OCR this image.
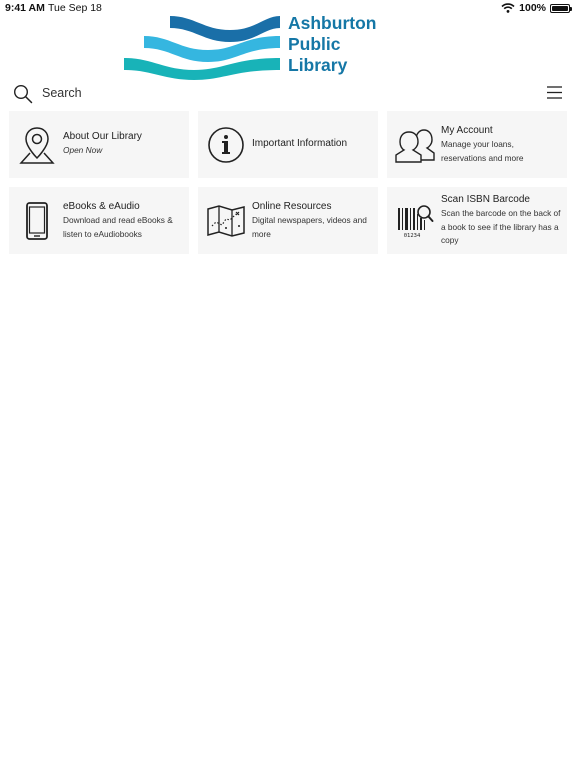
9:41 AM Tue Sep 18	100%
Ashburton
Public
Library
Search
About Our Library
Open Now
Important Information
My Account
Manage your loans, reservations and more
eBooks & eAudio
Download and read eBooks & listen to eAudiobooks
Online Resources
Digital newspapers, videos and more	01234
Scan ISBN Barcode
Scan the barcode on the back of a book to see if the library has a copy
